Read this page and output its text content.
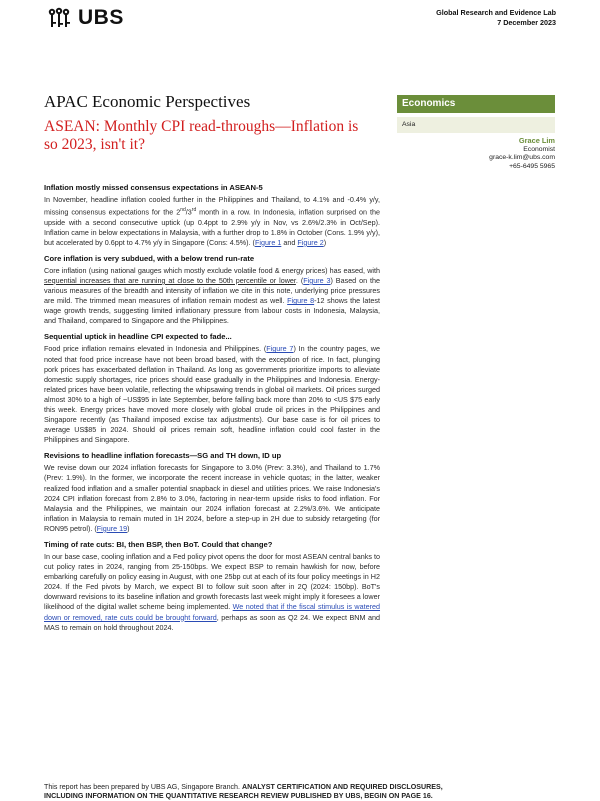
UBS	Global Research and Evidence Lab
7 December 2023
APAC Economic Perspectives
ASEAN: Monthly CPI read-throughs—Inflation is so 2023, isn't it?
Economics
Asia
Grace Lim
Economist
grace-k.lim@ubs.com
+65-6495 5965
Inflation mostly missed consensus expectations in ASEAN-5

In November, headline inflation cooled further in the Philippines and Thailand, to 4.1% and -0.4% y/y, missing consensus expectations for the 2nd/3rd month in a row. In Indonesia, inflation surprised on the upside with a second consecutive uptick (up 0.4ppt to 2.9% y/y in Nov, vs 2.6%/2.3% in Oct/Sep). Inflation came in below expectations in Malaysia, with a further drop to 1.8% in October (Cons. 1.9% y/y), but accelerated by 0.6ppt to 4.7% y/y in Singapore (Cons: 4.5%). (Figure 1 and Figure 2)

Core inflation is very subdued, with a below trend run-rate

Core inflation (using national gauges which mostly exclude volatile food & energy prices) has eased, with sequential increases that are running at close to the 50th percentile or lower. (Figure 3) Based on the various measures of the breadth and intensity of inflation we cite in this note, underlying price pressures are mild. The trimmed mean measures of inflation remain modest as well. Figure 8-12 shows the latest wage growth trends, suggesting limited inflationary pressure from labour costs in Indonesia, Malaysia, and Thailand, compared to Singapore and the Philippines.

Sequential uptick in headline CPI expected to fade...

Food price inflation remains elevated in Indonesia and Philippines. (Figure 7) In the country pages, we noted that food price increase have not been broad based, with the exception of rice. In fact, plunging pork prices has exacerbated deflation in Thailand. As long as governments prioritize imports to alleviate domestic supply shortages, rice prices should ease gradually in the Philippines and Indonesia. Energy-related prices have been volatile, reflecting the whipsawing trends in global oil markets. Oil prices surged almost 30% to a high of ~US$95 in late September, before falling back more than 20% to <US $75 early this week. Energy prices have moved more closely with global crude oil prices in the Philippines and Singapore recently (as Thailand imposed excise tax adjustments). Our base case is for oil prices to average US$85 in 2024. Should oil prices remain soft, headline inflation could cool faster in the Philippines and Singapore.

Revisions to headline inflation forecasts—SG and TH down, ID up

We revise down our 2024 inflation forecasts for Singapore to 3.0% (Prev: 3.3%), and Thailand to 1.7% (Prev: 1.9%). In the former, we incorporate the recent increase in vehicle quotas; in the latter, weaker realized food inflation and a smaller potential snapback in diesel and utilities prices. We raise Indonesia's 2024 CPI inflation forecast from 2.8% to 3.0%, factoring in near-term upside risks to food inflation. For Malaysia and the Philippines, we maintain our 2024 inflation forecast at 2.2%/3.6%. We anticipate inflation in Malaysia to remain muted in 1H 2024, before a step-up in 2H due to subsidy retargeting (for RON95 petrol). (Figure 19)

Timing of rate cuts: BI, then BSP, then BoT. Could that change?

In our base case, cooling inflation and a Fed policy pivot opens the door for most ASEAN central banks to cut policy rates in 2024, ranging from 25-150bps. We expect BSP to remain hawkish for now, before embarking carefully on policy easing in August, with one 25bp cut at each of its four policy meetings in H2 2024. If the Fed pivots by March, we expect BI to follow suit soon after in 2Q (2024: 150bp). BoT's downward revisions to its baseline inflation and growth forecasts last week might imply it foresees a lower likelihood of the digital wallet scheme being implemented. We noted that if the fiscal stimulus is watered down or removed, rate cuts could be brought forward, perhaps as soon as Q2 24. We expect BNM and MAS to remain on hold throughout 2024.

This report has been prepared by UBS AG, Singapore Branch. ANALYST CERTIFICATION AND REQUIRED DISCLOSURES,
INCLUDING INFORMATION ON THE QUANTITATIVE RESEARCH REVIEW PUBLISHED BY UBS, BEGIN ON PAGE 16.
